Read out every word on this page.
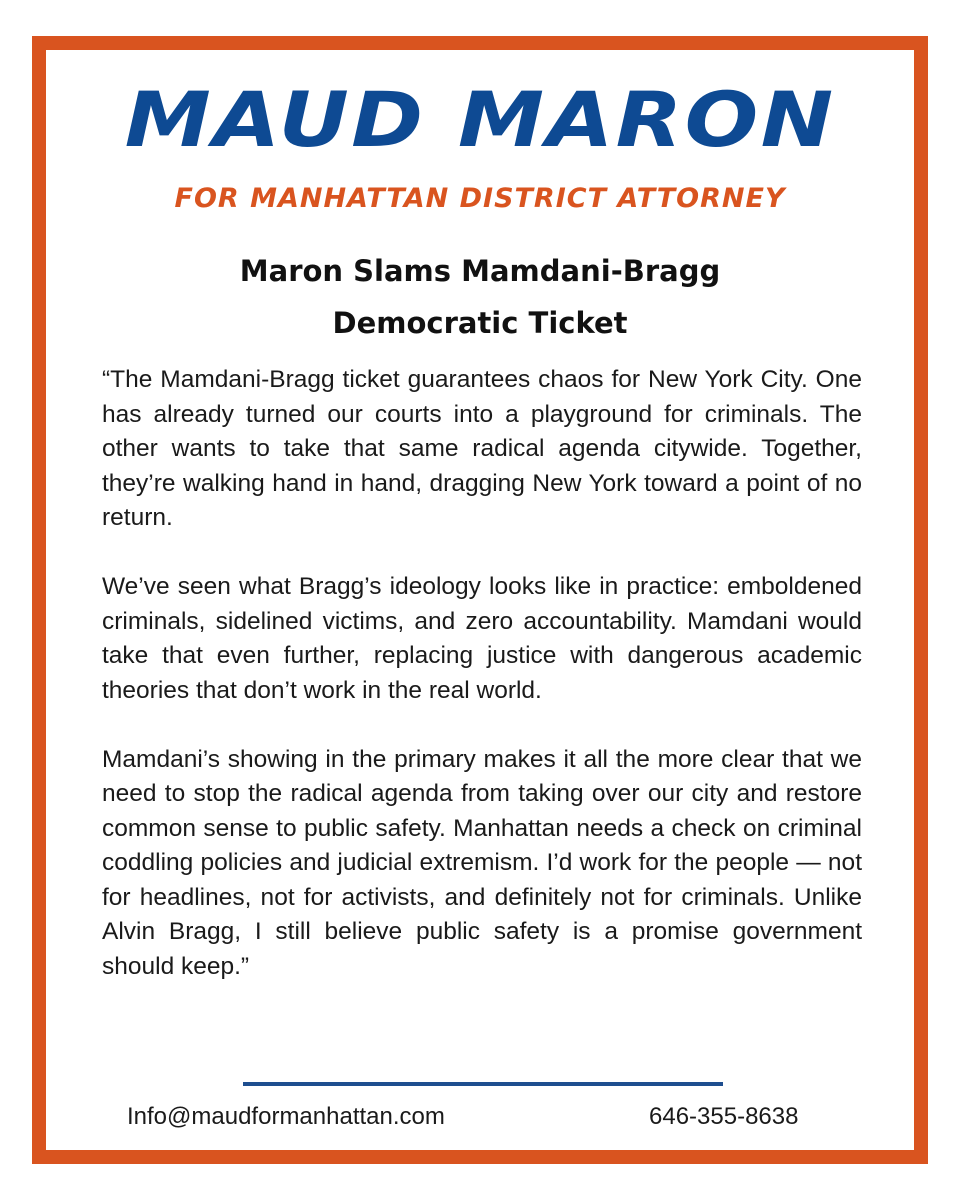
MAUD MARON
FOR MANHATTAN DISTRICT ATTORNEY
Maron Slams Mamdani-Bragg
Democratic Ticket

“The Mamdani-Bragg ticket guarantees chaos for New York City. One has already turned our courts into a playground for criminals. The other wants to take that same radical agenda citywide. Together, they’re walking hand in hand, dragging New York toward a point of no return.

We’ve seen what Bragg’s ideology looks like in practice: emboldened criminals, sidelined victims, and zero accountability. Mamdani would take that even further, replacing justice with dangerous academic theories that don’t work in the real world.

Mamdani’s showing in the primary makes it all the more clear that we need to stop the radical agenda from taking over our city and restore common sense to public safety. Manhattan needs a check on criminal coddling policies and judicial extremism. I’d work for the people — not for headlines, not for activists, and definitely not for criminals. Unlike Alvin Bragg, I still believe public safety is a promise government should keep.”

Info@maudformanhattan.com	646-355-8638
